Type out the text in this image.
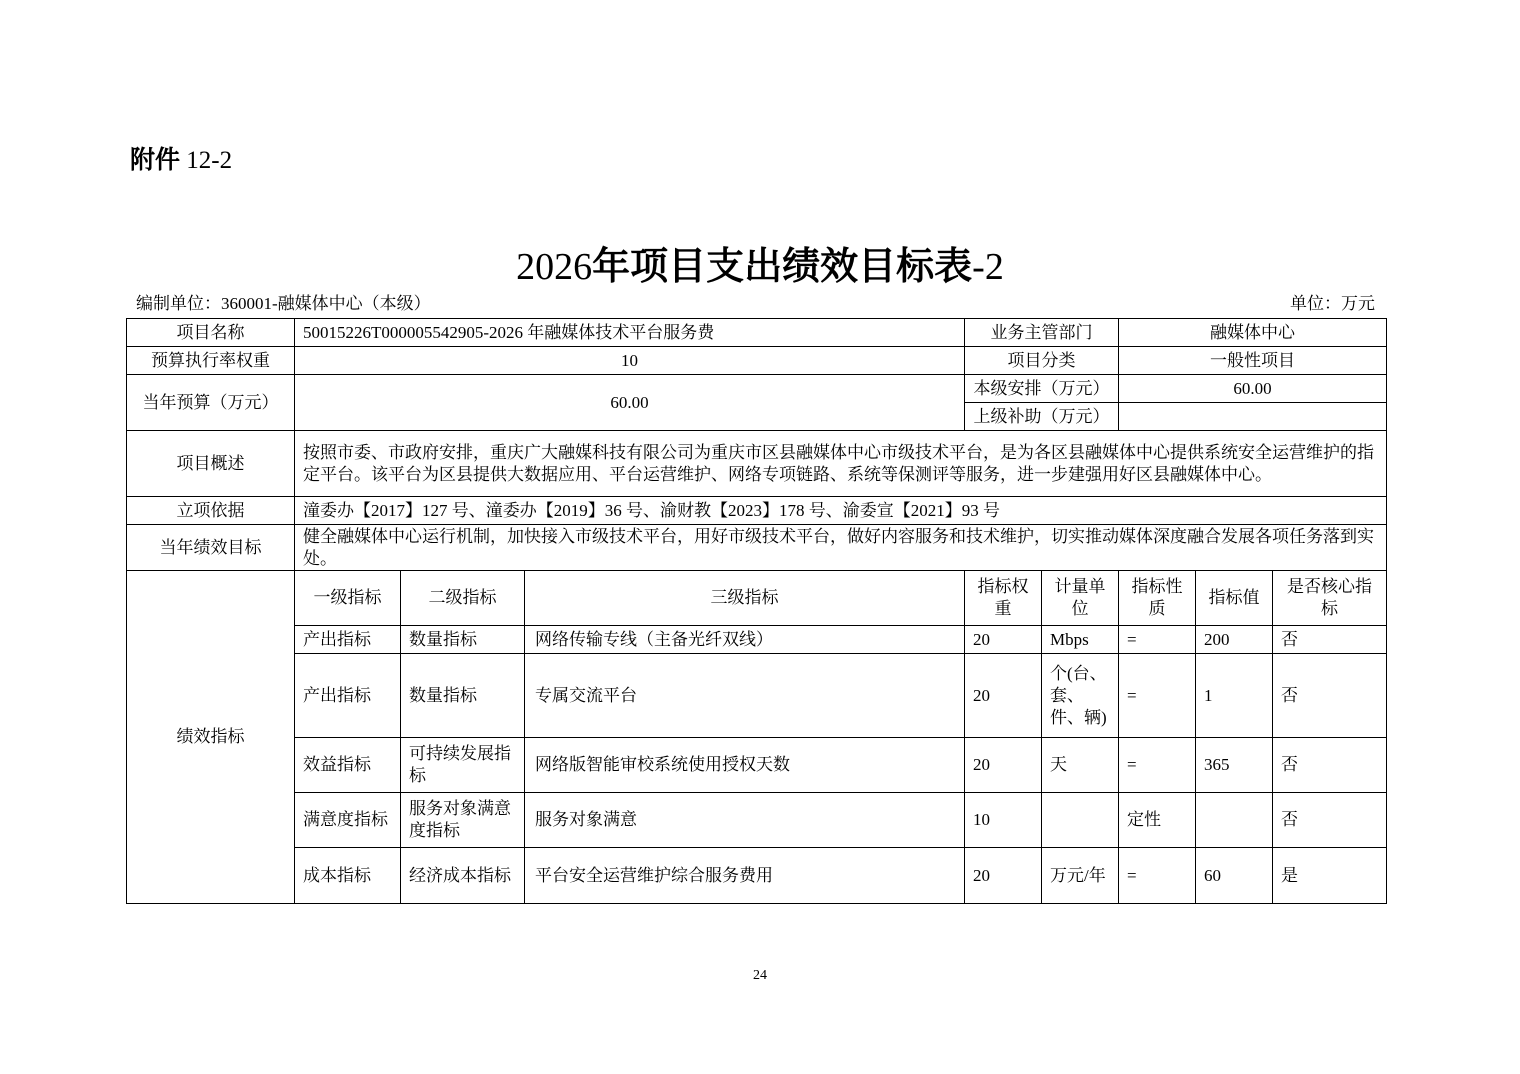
附件 12-2
2026年项目支出绩效目标表-2
编制单位：360001-融媒体中心（本级）	单位：万元
项目名称	50015226T000005542905-2026 年融媒体技术平台服务费			业务主管部门		融媒体中心		
预算执行率权重	10			项目分类		一般性项目		
当年预算（万元）	60.00			本级安排（万元）		60.00		
				上级补助（万元）				
项目概述	按照市委、市政府安排，重庆广大融媒科技有限公司为重庆市区县融媒体中心市级技术平台，是为各区县融媒体中心提供系统安全运营维护的指定平台。该平台为区县提供大数据应用、平台运营维护、网络专项链路、系统等保测评等服务，进一步建强用好区县融媒体中心。							
立项依据	潼委办【2017】127 号、潼委办【2019】36 号、渝财教【2023】178 号、渝委宣【2021】93 号							
当年绩效目标	健全融媒体中心运行机制，加快接入市级技术平台，用好市级技术平台，做好内容服务和技术维护，切实推动媒体深度融合发展各项任务落到实处。							
绩效指标	一级指标	二级指标	三级指标	指标权重	计量单位	指标性质	指标值	是否核心指标
	产出指标	数量指标	网络传输专线（主备光纤双线）	20	Mbps	=	200	否
	产出指标	数量指标	专属交流平台	20	个(台、套、件、辆)	=	1	否
	效益指标	可持续发展指标	网络版智能审校系统使用授权天数	20	天	=	365	否
	满意度指标	服务对象满意度指标	服务对象满意	10		定性		否
	成本指标	经济成本指标	平台安全运营维护综合服务费用	20	万元/年	=	60	是
24
